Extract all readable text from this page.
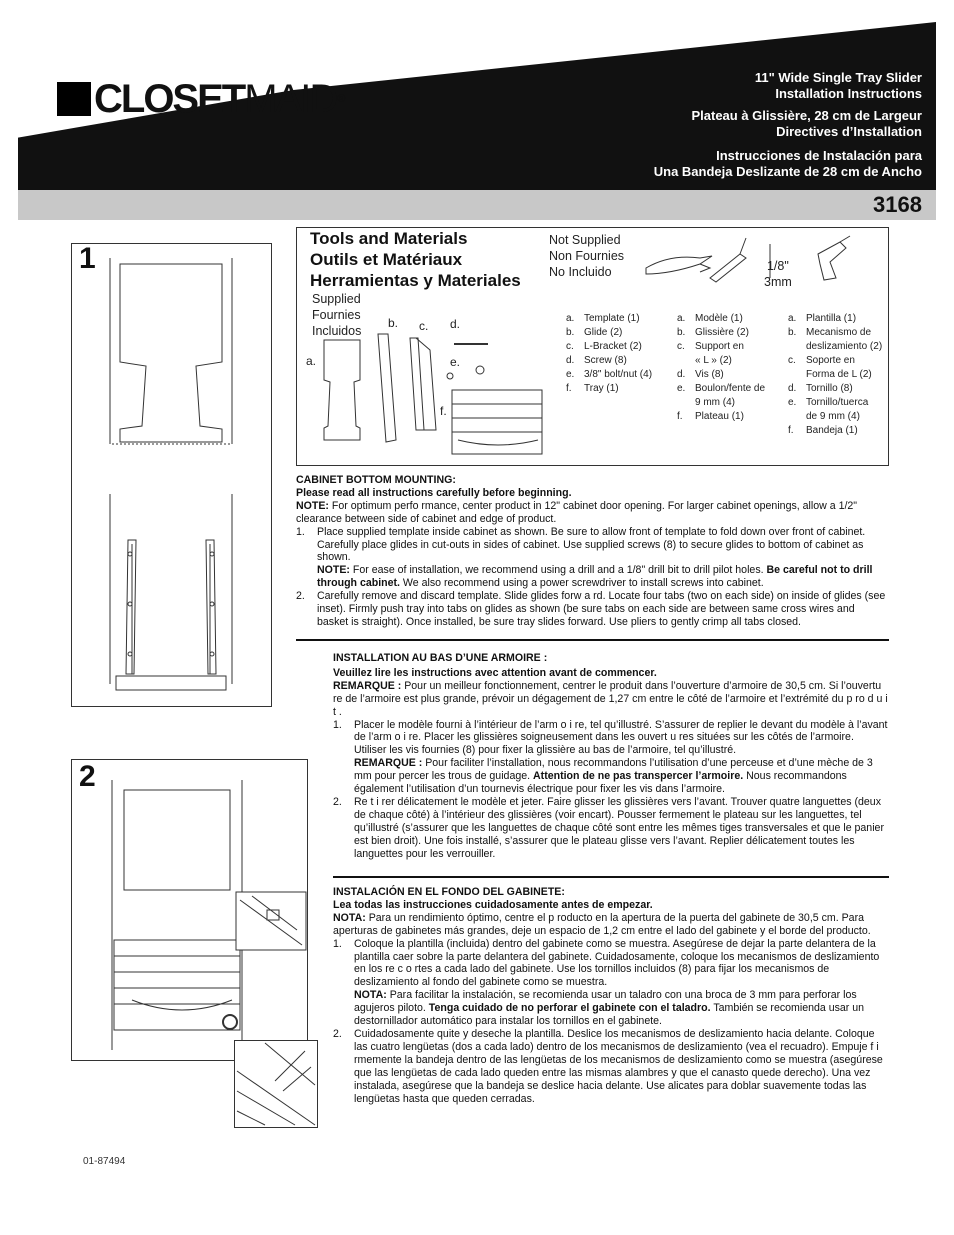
3168
CLOSET MAID ®
11" Wide Single Tray Slider
Installation Instructions
Plateau à Glissière, 28 cm de Largeur
Directives d’Installation
Instrucciones de Instalación para
Una Bandeja Deslizante de 28 cm de Ancho
1
2
Tools and Materials
Outils et Matériaux
Herramientas y Materiales
Not Supplied
Non Fournies
No Incluido	1/8"
3mm
Supplied
Fournies
Incluidos
a.
b. c. d.
e.
f.
a. Template (1)
b. Glide (2)
c.	L-Bracket (2)
d. Screw (8)
e. 3/8" bolt/nut (4)
f.	Tray (1)
a. Modèle (1)
b. Glissière (2)
c.	Support en
« L » (2)
d. Vis (8)
e. Boulon/fente de
9 mm (4)
f.	Plateau (1)
a. Plantilla (1)
b. Mecanismo de
deslizamiento (2)
c.	Soporte en
Forma de L (2)
d. Tornillo (8)
e. Tornillo/tuerca
de 9 mm (4)
f.	Bandeja (1)
CABINET BOTTOM MOUNTING:
Please read all instructions carefully before beginning.
NOTE: For optimum perfo rmance, center product in 12" cabinet door opening. For larger cabinet openings, allow a 1/2" clearance between side of cabinet and edge of product.
1. Place supplied template inside cabinet as shown. Be sure to allow front of template to fold down over front of cabinet. Carefully place glides in cut-outs in sides of cabinet. Use supplied screws (8) to secure glides to bottom of cabinet as shown.
NOTE: For ease of installation, we recommend using a drill and a 1/8" drill bit to drill pilot holes. Be careful not to drill through cabinet. We also recommend using a power screwdriver to install screws into cabinet.
2. Carefully remove and discard template. Slide glides forw a rd. Locate four tabs (two on each side) on inside of glides (see inset). Firmly push tray into tabs on glides as shown (be sure tabs on each side are between same cross wires and basket is straight). Once installed, be sure tray slides forward. Use pliers to gently crimp all tabs closed.
INSTALLATION AU BAS D’UNE ARMOIRE :
Veuillez lire les instructions avec attention avant de commencer.
REMARQUE : Pour un meilleur fonctionnement, centrer le produit dans l’ouverture d’armoire de 30,5 cm. Si l’ouvertu re de l’armoire est plus grande, prévoir un dégagement de 1,27 cm entre le côté de l’armoire et l’extrémité du p ro d u i t .
1. Placer le modèle fourni à l’intérieur de l’arm o i re, tel qu’illustré. S’assurer de replier le devant du modèle à l’avant de l’arm o i re. Placer les glissières soigneusement dans les ouvert u res situées sur les côtés de l’armoire. Utiliser les vis fournies (8) pour fixer la glissière au bas de l’armoire, tel qu’illustré.
REMARQUE : Pour faciliter l’installation, nous recommandons l’utilisation d’une perceuse et d’une mèche de 3 mm pour percer les trous de guidage. Attention de ne pas transpercer l’armoire. Nous recommandons également l’utilisation d’un tournevis électrique pour fixer les vis dans l’armoire.
2. Re t i rer délicatement le modèle et jeter. Faire glisser les glissières vers l’avant. Trouver quatre languettes (deux de chaque côté) à l’intérieur des glissières (voir encart). Pousser fermement le plateau sur les languettes, tel qu’illustré (s’assurer que les languettes de chaque côté sont entre les mêmes tiges transversales et que le panier est bien droit). Une fois installé, s’assurer que le plateau glisse vers l’avant. Replier délicatement toutes les languettes pour les verrouiller.
INSTALACIÓN EN EL FONDO DEL GABINETE:
Lea todas las instrucciones cuidadosamente antes de empezar.
NOTA: Para un rendimiento óptimo, centre el p roducto en la apertura de la puerta del gabinete de 30,5 cm. Para aperturas de gabinetes más grandes, deje un espacio de 1,2 cm entre el lado del gabinete y el borde del producto.
1. Coloque la plantilla (incluida) dentro del gabinete como se muestra. Asegúrese de dejar la parte delantera de la plantilla caer sobre la parte delantera del gabinete. Cuidadosamente, coloque los mecanismos de deslizamiento en los re c o rtes a cada lado del gabinete. Use los tornillos incluidos (8) para fijar los mecanismos de deslizamiento al fondo del gabinete como se muestra.
NOTA: Para facilitar la instalación, se recomienda usar un taladro con una broca de 3 mm para perforar los agujeros piloto. Tenga cuidado de no perforar el gabinete con el taladro. También se recomienda usar un destornillador automático para instalar los tornillos en el gabinete.
2. Cuidadosamente quite y deseche la plantilla. Deslice los mecanismos de deslizamiento hacia delante. Coloque las cuatro lengüetas (dos a cada lado) dentro de los mecanismos de deslizamiento (vea el recuadro). Empuje f i rmemente la bandeja dentro de las lengüetas de los mecanismos de deslizamiento como se muestra (asegúrese que las lengüetas de cada lado queden entre las mismas alambres y que el canasto quede derecho). Una vez instalada, asegúrese que la bandeja se deslice hacia delante. Use alicates para doblar suavemente todas las lengüetas hasta que queden cerradas.
01-87494
